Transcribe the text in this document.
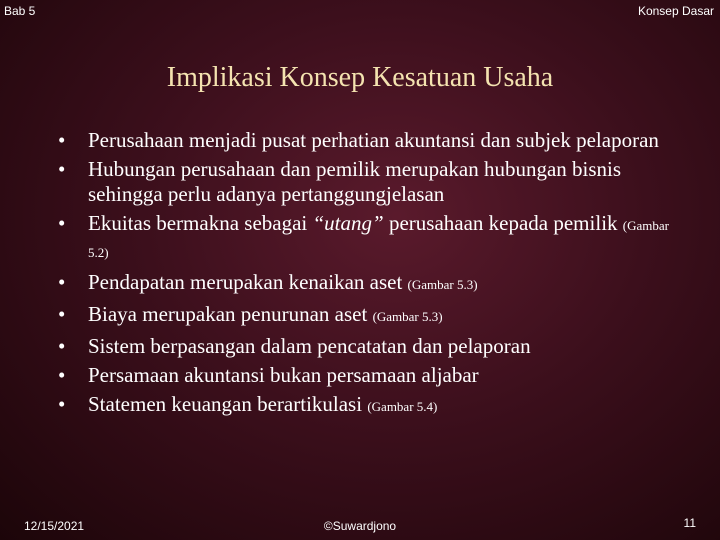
Bab 5	Konsep Dasar
Implikasi Konsep Kesatuan Usaha
• Perusahaan menjadi pusat perhatian akuntansi dan subjek pelaporan
• Hubungan perusahaan dan pemilik merupakan hubungan bisnis sehingga perlu adanya pertanggungjelasan
• Ekuitas bermakna sebagai “utang” perusahaan kepada pemilik (Gambar 5.2)
• Pendapatan merupakan kenaikan aset (Gambar 5.3)
• Biaya merupakan penurunan aset (Gambar 5.3)
• Sistem berpasangan dalam pencatatan dan pelaporan
• Persamaan akuntansi bukan persamaan aljabar
• Statemen keuangan berartikulasi (Gambar 5.4)
12/15/2021	©Suwardjono	11
